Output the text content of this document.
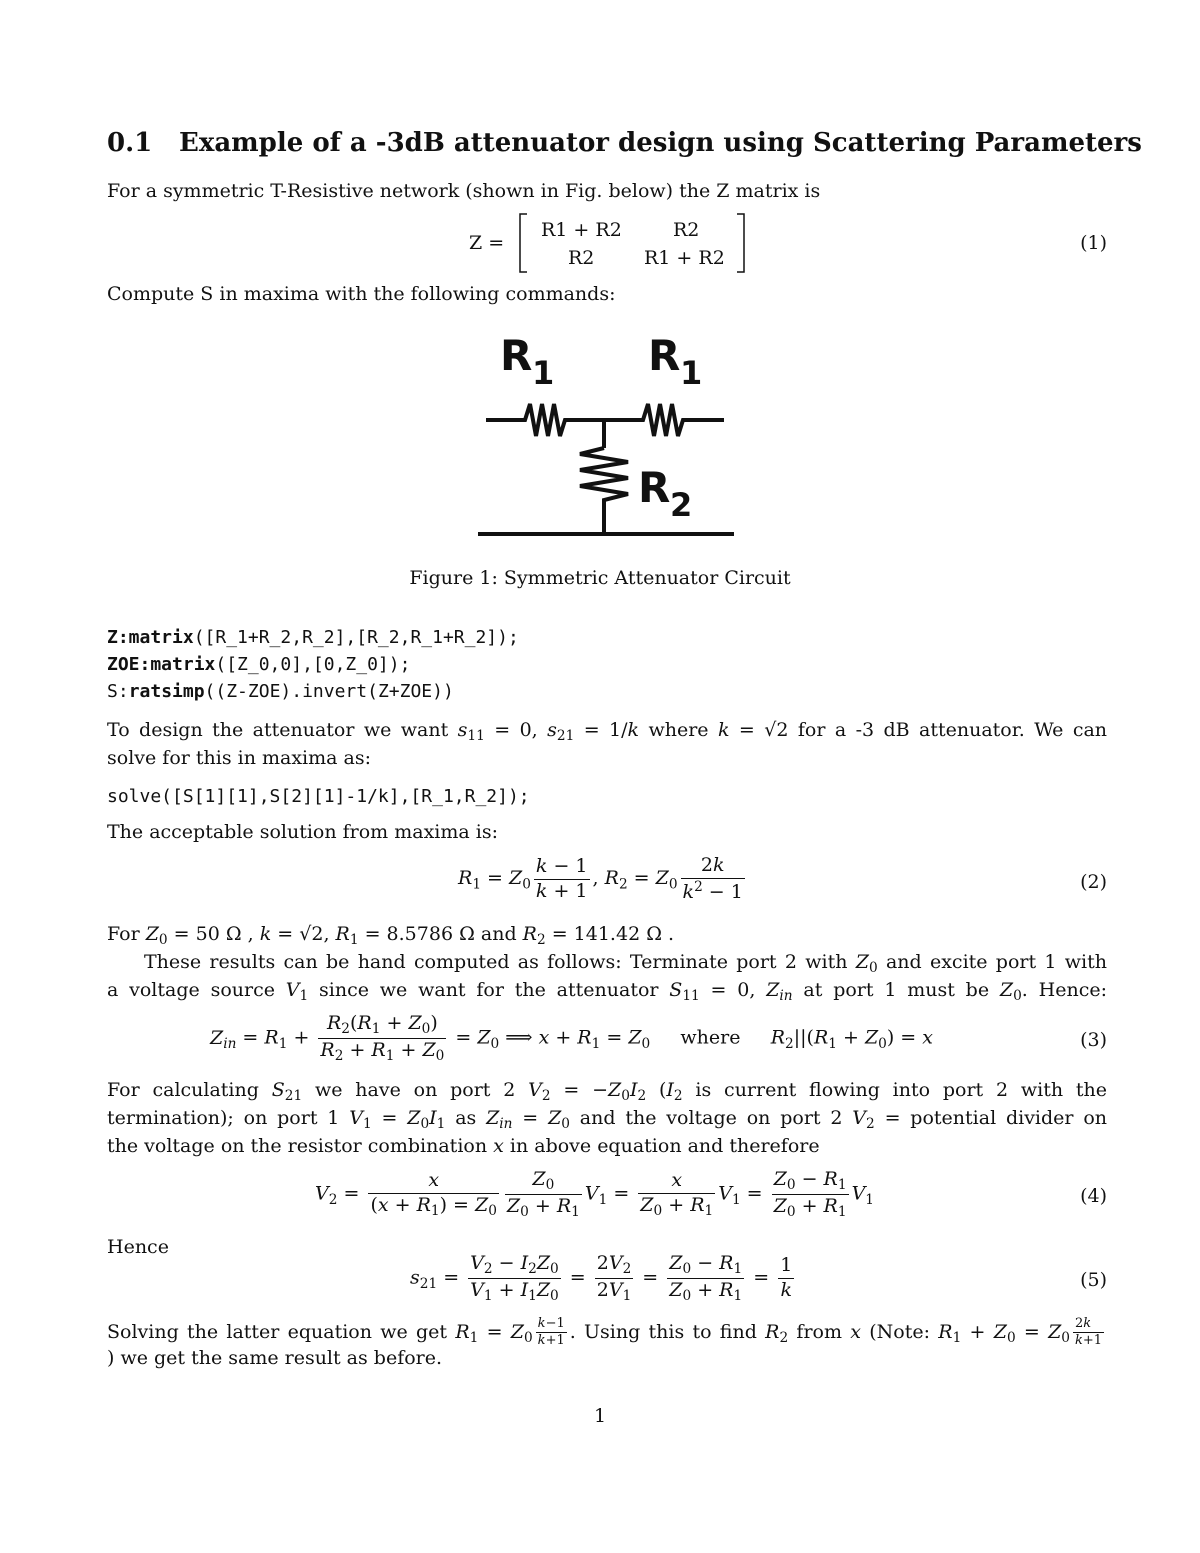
0.1 Example of a -3dB attenuator design using Scattering Parameters
For a symmetric T-Resistive network (shown in Fig. below) the Z matrix is
Z =
R1 + R2	R2
R2	R1 + R2
(1)
Compute S in maxima with the following commands:
R 1 R 1
R 2
Figure 1: Symmetric Attenuator Circuit
Z:matrix([R_1+R_2,R_2],[R_2,R_1+R_2]);
ZOE:matrix([Z_0,0],[0,Z_0]);
S:ratsimp((Z-ZOE).invert(Z+ZOE))
To design the attenuator we want $s_{11} = 0$, $s_{21} = 1/k$ where k = √2 for a -3 dB attenuator. We can
solve for this in maxima as:
solve([S[1][1],S[2][1]-1/k],[R_1,R_2]);
The acceptable solution from maxima is:
$R_1 = Z_0 \frac{k - 1}{k + 1}$ , $R_2 = Z_0 \frac{2k}{k^2 - 1}$	(2)
For $Z_0 = 50$ Ω , k = √2, $R_1 = 8.5786$ Ω and $R_2 = 141.42$ Ω .
These results can be hand computed as follows: Terminate port 2 with $Z_0$ and excite port 1 with
a voltage source $V_1$ since we want for the attenuator $S_{11} = 0$, $Z_{in}$ at port 1 must be $Z_0$. Hence:
$Z_{in} = R_1 + \frac{R_2(R_1 + Z_0)}{R_2 + R_1 + Z_0} = Z_0$ ⟹ $x + R_1 = Z_0$ where $R_2||(R_1 + Z_0) = x$	(3)
For calculating $S_{21}$ we have on port 2 $V_2 = -Z_0I_2$ ($I_2$ is current flowing into port 2 with the
termination); on port 1 $V_1 = Z_0I_1$ as $Z_{in} = Z_0$ and the voltage on port 2 $V_2$ = potential divider on
the voltage on the resistor combination x in above equation and therefore
$V_2 = \frac{x}{(x + R_1) = Z_0} \frac{Z_0}{Z_0 + R_1} V_1 = \frac{x}{Z_0 + R_1} V_1 = \frac{Z_0 - R_1}{Z_0 + R_1} V_1$	(4)
Hence
$s_{21} = \frac{V_2 - I_2Z_0}{V_1 + I_1Z_0} = \frac{2V_2}{2V_1} = \frac{Z_0 - R_1}{Z_0 + R_1} = \frac{1}{k}$	(5)
Solving the latter equation we get $R_1 = Z_0 \frac{k-1}{k+1}$ . Using this to find $R_2$ from x (Note: $R_1 + Z_0 = Z_0 \frac{2k}{k+1}$
) we get the same result as before.
1
